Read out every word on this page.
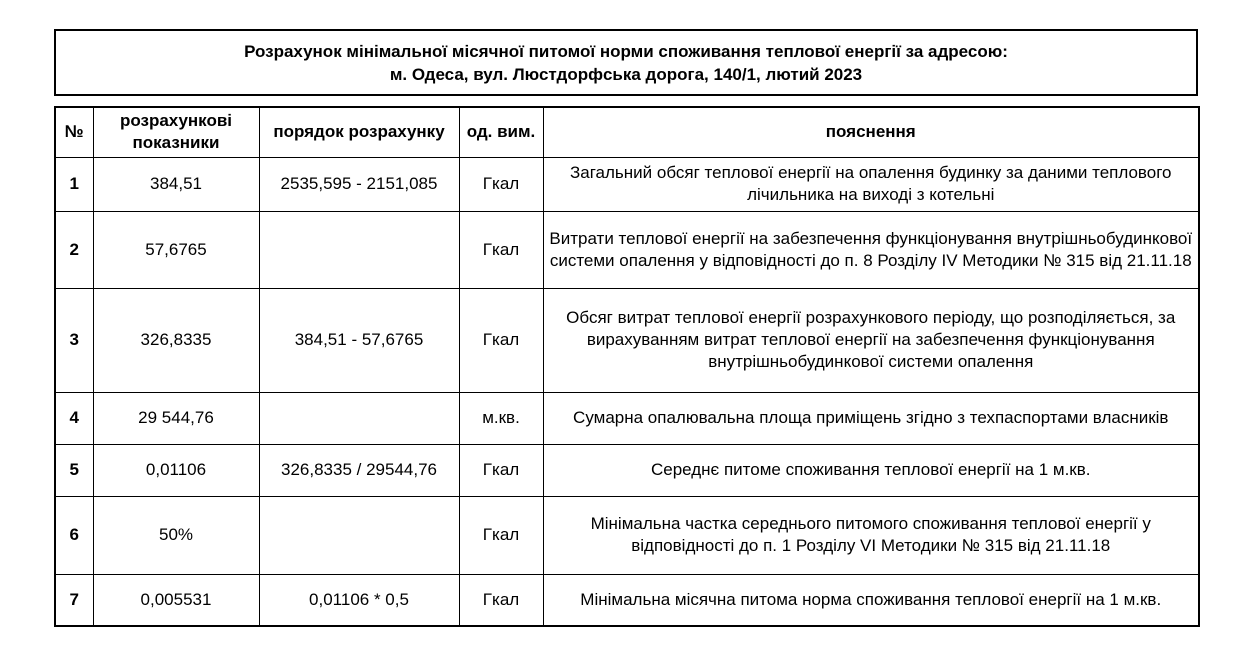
Розрахунок мінімальної місячної питомої норми споживання теплової енергії за адресою:
м. Одеса, вул. Люстдорфська дорога, 140/1, лютий 2023
№	розрахункові показники	порядок розрахунку	од. вим.	пояснення
1	384,51	2535,595 - 2151,085	Гкал	Загальний обсяг теплової енергії на опалення будинку за даними теплового лічильника на виході з котельні
2	57,6765		Гкал	Витрати теплової енергії на забезпечення функціонування внутрішньобудинкової системи опалення у відповідності до п. 8 Розділу IV Методики № 315 від 21.11.18
3	326,8335	384,51 - 57,6765	Гкал	Обсяг витрат теплової енергії розрахункового періоду, що розподіляється, за вирахуванням витрат теплової енергії на забезпечення функціонування внутрішньобудинкової системи опалення
4	29 544,76		м.кв.	Сумарна опалювальна площа приміщень згідно з техпаспортами власників
5	0,01106	326,8335 / 29544,76	Гкал	Середнє питоме споживання теплової енергії на 1 м.кв.
6	50%		Гкал	Мінімальна частка середнього питомого споживання теплової енергії у відповідності до п. 1 Розділу VI Методики № 315 від 21.11.18
7	0,005531	0,01106 * 0,5	Гкал	Мінімальна місячна питома норма споживання теплової енергії на 1 м.кв.
